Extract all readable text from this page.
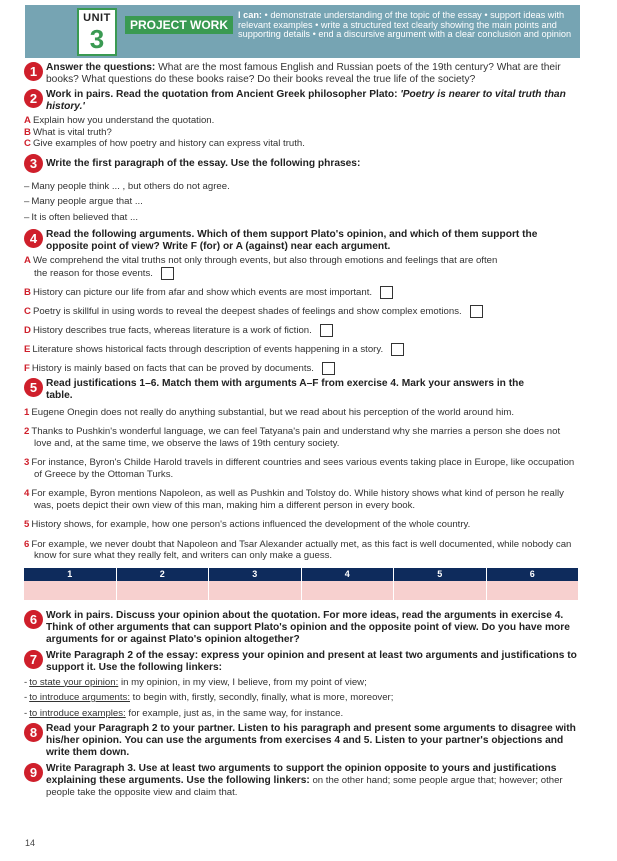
UNIT
3	PROJECT WORK
I can: • demonstrate understanding of the topic of the essay • support ideas with relevant examples • write a structured text clearly showing the main points and supporting details • end a discursive argument with a clear conclusion and opinion
1 Answer the questions: What are the most famous English and Russian poets of the 19th century? What are their books? What questions do these books raise? Do their books reveal the true life of the society?
2 Work in pairs. Read the quotation from Ancient Greek philosopher Plato: 'Poetry is nearer to vital truth than history.'
A Explain how you understand the quotation.
B What is vital truth?
C Give examples of how poetry and history can express vital truth.
3 Write the first paragraph of the essay. Use the following phrases:
– Many people think ... , but others do not agree.
– Many people argue that ...
– It is often believed that ...
4 Read the following arguments. Which of them support Plato's opinion, and which of them support the opposite point of view? Write F (for) or A (against) near each argument.
A We comprehend the vital truths not only through events, but also through emotions and feelings that are often
the reason for those events.
B History can picture our life from afar and show which events are most important.
C Poetry is skillful in using words to reveal the deepest shades of feelings and show complex emotions.
D History describes true facts, whereas literature is a work of fiction.
E Literature shows historical facts through description of events happening in a story.
F History is mainly based on facts that can be proved by documents.
5 Read justifications 1–6. Match them with arguments A–F from exercise 4. Mark your answers in the table.
1 Eugene Onegin does not really do anything substantial, but we read about his perception of the world around him.
2 Thanks to Pushkin's wonderful language, we can feel Tatyana's pain and understand why she marries a person she does not love and, at the same time, we observe the laws of 19th century society.
3 For instance, Byron's Childe Harold travels in different countries and sees various events taking place in Europe, like occupation of Greece by the Ottoman Turks.
4 For example, Byron mentions Napoleon, as well as Pushkin and Tolstoy do. While history shows what kind of person he really was, poets depict their own view of this man, making him a different person in every book.
5 History shows, for example, how one person's actions influenced the development of the whole country.
6 For example, we never doubt that Napoleon and Tsar Alexander actually met, as this fact is well documented, while nobody can know for sure what they really felt, and writers can only make a guess.
1	2	3	4	5	6
6 Work in pairs. Discuss your opinion about the quotation. For more ideas, read the arguments in exercise 4. Think of other arguments that can support Plato's opinion and the opposite point of view. Do you have more arguments for or against Plato's opinion altogether?
7 Write Paragraph 2 of the essay: express your opinion and present at least two arguments and justifications to support it. Use the following linkers:
- to state your opinion: in my opinion, in my view, I believe, from my point of view;
- to introduce arguments: to begin with, firstly, secondly, finally, what is more, moreover;
- to introduce examples: for example, just as, in the same way, for instance.
8 Read your Paragraph 2 to your partner. Listen to his paragraph and present some arguments to disagree with his/her opinion. You can use the arguments from exercises 4 and 5. Listen to your partner's objections and write them down.
9 Write Paragraph 3. Use at least two arguments to support the opinion opposite to yours and justifications explaining these arguments. Use the following linkers: on the other hand; some people argue that; however; other people take the opposite view and claim that.
14
